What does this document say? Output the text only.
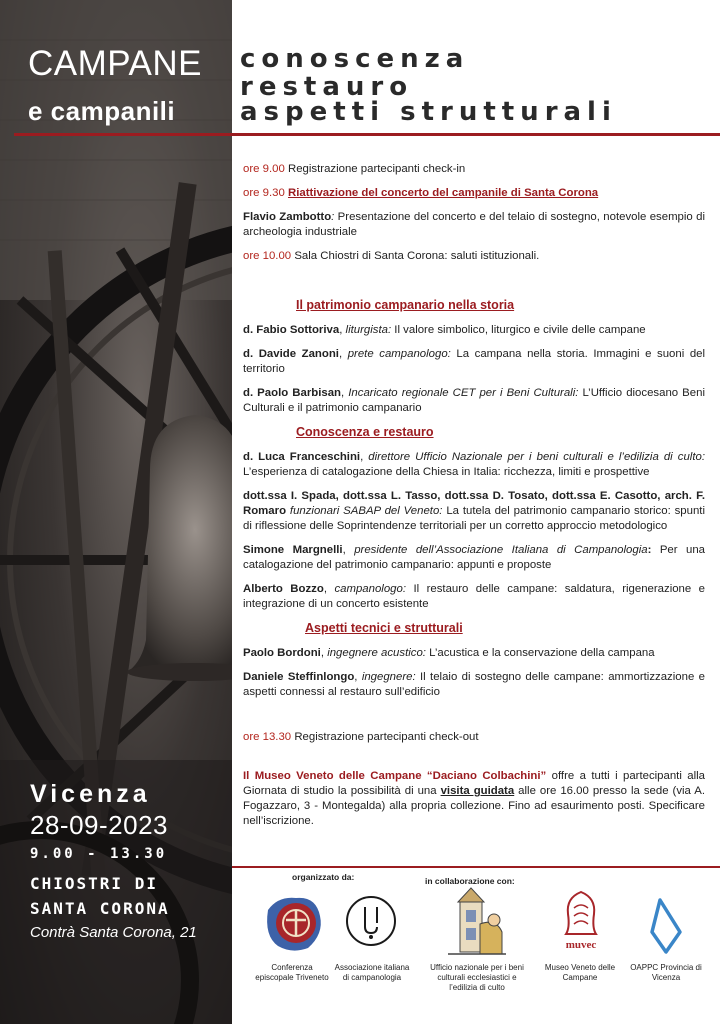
CAMPANE
e campanili
conoscenza
restauro
aspetti strutturali

ore 9.00 Registrazione partecipanti check-in

ore 9.30 Riattivazione del concerto del campanile di Santa Corona

Flavio Zambotto: Presentazione del concerto e del telaio di sostegno, notevole esempio di archeologia industriale

ore 10.00 Sala Chiostri di Santa Corona: saluti istituzionali.

Il patrimonio campanario nella storia

d. Fabio Sottoriva, liturgista: Il valore simbolico, liturgico e civile delle campane

d. Davide Zanoni, prete campanologo: La campana nella storia. Immagini e suoni del territorio

d. Paolo Barbisan, Incaricato regionale CET per i Beni Culturali: L’Ufficio diocesano Beni Culturali e il patrimonio campanario

Conoscenza e restauro

d. Luca Franceschini, direttore Ufficio Nazionale per i beni culturali e l’edilizia di culto: L’esperienza di catalogazione della Chiesa in Italia: ricchezza, limiti e prospettive

dott.ssa I. Spada, dott.ssa L. Tasso, dott.ssa D. Tosato, dott.ssa E. Casotto, arch. F. Romaro funzionari SABAP del Veneto: La tutela del patrimonio campanario storico: spunti di riflessione delle Soprintendenze territoriali per un corretto approccio metodologico

Simone Margnelli, presidente dell’Associazione Italiana di Campanologia: Per una catalogazione del patrimonio campanario: appunti e proposte

Alberto Bozzo, campanologo: Il restauro delle campane: saldatura, rigenerazione e integrazione di un concerto esistente

Aspetti tecnici e strutturali

Paolo Bordoni, ingegnere acustico: L’acustica e la conservazione della campana

Daniele Steffinlongo, ingegnere: Il telaio di sostegno delle campane: ammortizzazione e aspetti connessi al restauro sull’edificio

ore 13.30 Registrazione partecipanti check-out

Il Museo Veneto delle Campane “Daciano Colbachini” offre a tutti i partecipanti alla Giornata di studio la possibilità di una visita guidata alle ore 16.00 presso la sede (via A. Fogazzaro, 3 - Montegalda) alla propria collezione. Fino ad esaurimento posti. Specificare nell’iscrizione.

Vicenza
28-09-2023
9.00 - 13.30
CHIOSTRI DI
SANTA CORONA
Contrà Santa Corona, 21
organizzato da:	in collaborazione con:
Conferenza episcopale Triveneto
Associazione italiana di campanologia
Ufficio nazionale per i beni culturali ecclesiastici e l’edilizia di culto
muvec
Museo Veneto delle Campane
OAPPC Provincia di Vicenza
